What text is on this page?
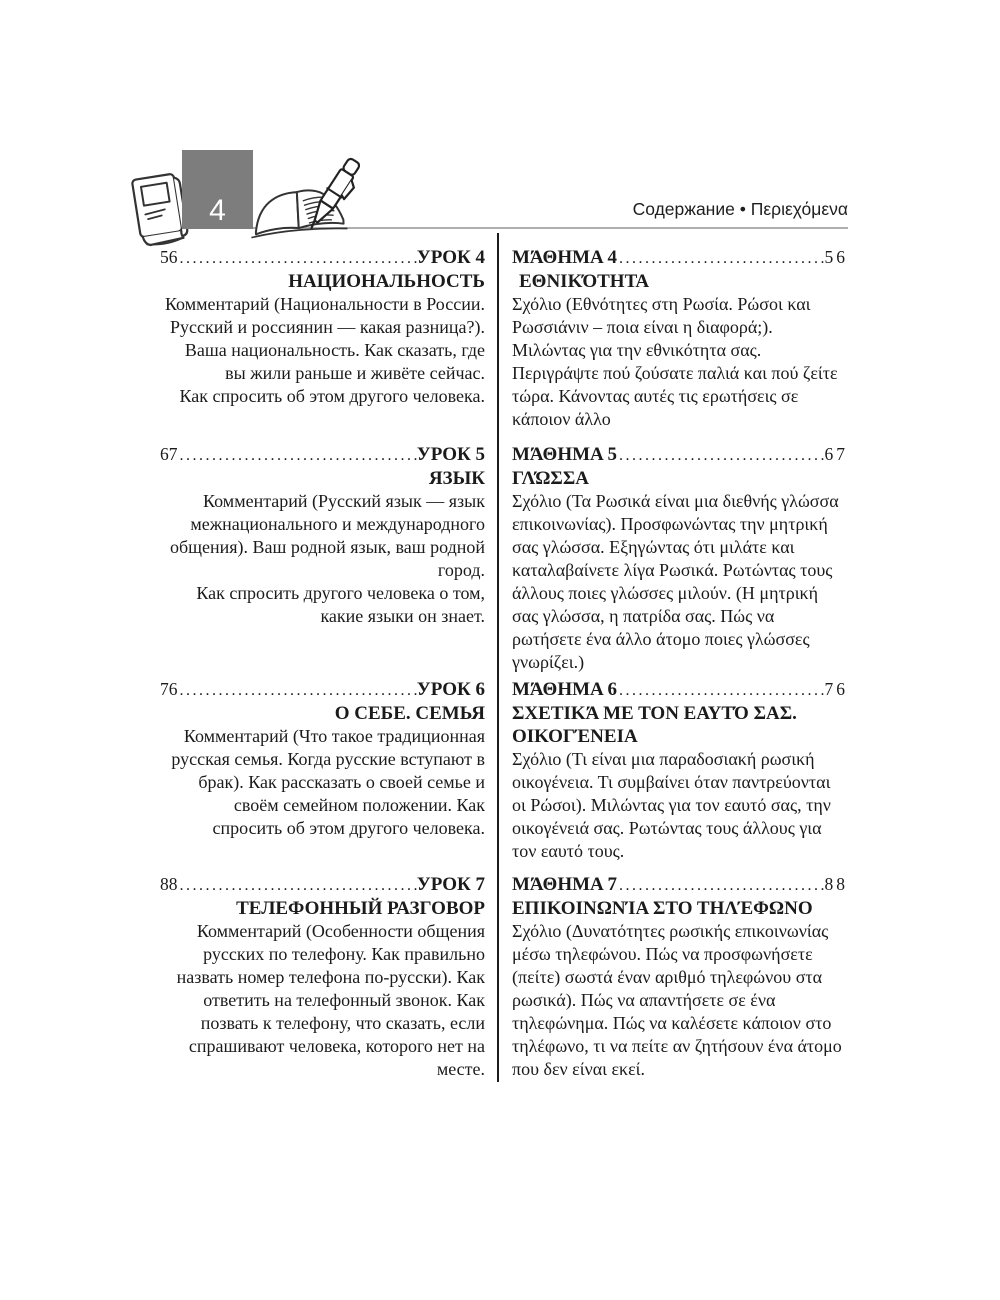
4	Содержание • Περιεχόμενα
56 .....	УРОК 4
НАЦИОНАЛЬНОСТЬ

Комментарий (Национальности в России. Русский и россиянин — какая разница?). Ваша национальность. Как сказать, где вы жили раньше и живёте сейчас.

Как спросить об этом другого человека.

67 .....	УРОК 5
ЯЗЫК

Комментарий (Русский язык — язык межнационального и международного общения). Ваш родной язык, ваш родной город.

Как спросить другого человека о том, какие языки он знает.

76 .....	УРОК 6
О СЕБЕ. СЕМЬЯ

Комментарий (Что такое традиционная русская семья. Когда русские вступают в брак). Как рассказать о своей семье и своём семейном положении. Как спросить об этом другого человека.

88 .....	УРОК 7
ТЕЛЕФОННЫЙ РАЗГОВОР

Комментарий (Особенности общения русских по телефону. Как правильно назвать номер телефона по-русски). Как ответить на телефонный звонок. Как позвать к телефону, что сказать, если спрашивают человека, которого нет на месте.

ΜΆΘΗΜΑ 4 .....	56
ΕΘΝΙΚΌΤΗΤΑ

Σχόλιο (Εθνότητες στη Ρωσία. Ρώσοι και Ρωσσιάνιν – ποια είναι η διαφορά;). Μιλώντας για την εθνικότητα σας. Περιγράψτε πού ζούσατε παλιά και πού ζείτε τώρα. Κάνοντας αυτές τις ερωτήσεις σε κάποιον άλλο

ΜΆΘΗΜΑ 5 .....	67
ΓΛΏΣΣΑ

Σχόλιο (Τα Ρωσικά είναι μια διεθνής γλώσσα επικοινωνίας). Προσφωνώντας την μητρική σας γλώσσα. Εξηγώντας ότι μιλάτε και καταλαβαίνετε λίγα Ρωσικά. Ρωτώντας τους άλλους ποιες γλώσσες μιλούν. (Η μητρική σας γλώσσα, η πατρίδα σας. Πώς να ρωτήσετε ένα άλλο άτομο ποιες γλώσσες γνωρίζει.)

ΜΆΘΗΜΑ 6 .....	76
ΣΧΕΤΙΚΆ ΜΕ ΤΟΝ ΕΑΥΤΌ ΣΑΣ. ΟΙΚΟΓΈΝΕΙΑ

Σχόλιο (Τι είναι μια παραδοσιακή ρωσική οικογένεια. Τι συμβαίνει όταν παντρεύονται οι Ρώσοι). Μιλώντας για τον εαυτό σας, την οικογένειά σας. Ρωτώντας τους άλλους για τον εαυτό τους.

ΜΆΘΗΜΑ 7 .....	88
ΕΠΙΚΟΙΝΩΝΊΑ ΣΤΟ ΤΗΛΈΦΩΝΟ

Σχόλιο (Δυνατότητες ρωσικής επικοινωνίας μέσω τηλεφώνου. Πώς να προσφωνήσετε (πείτε) σωστά έναν αριθμό τηλεφώνου στα ρωσικά). Πώς να απαντήσετε σε ένα τηλεφώνημα. Πώς να καλέσετε κάποιον στο τηλέφωνο, τι να πείτε αν ζητήσουν ένα άτομο που δεν είναι εκεί.
